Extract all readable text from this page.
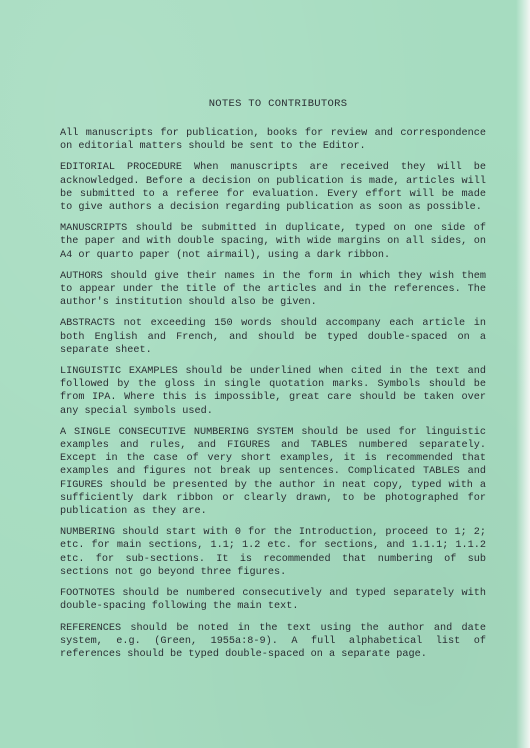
NOTES TO CONTRIBUTORS

All manuscripts for publication, books for review and correspondence on editorial matters should be sent to the Editor.

EDITORIAL PROCEDURE When manuscripts are received they will be acknowledged. Before a decision on publication is made, articles will be submitted to a referee for evaluation. Every effort will be made to give authors a decision regarding publication as soon as possible.

MANUSCRIPTS should be submitted in duplicate, typed on one side of the paper and with double spacing, with wide margins on all sides, on A4 or quarto paper (not airmail), using a dark ribbon.

AUTHORS should give their names in the form in which they wish them to appear under the title of the articles and in the references. The author's institution should also be given.

ABSTRACTS not exceeding 150 words should accompany each article in both English and French, and should be typed double-spaced on a separate sheet.

LINGUISTIC EXAMPLES should be underlined when cited in the text and followed by the gloss in single quotation marks. Symbols should be from IPA. Where this is impossible, great care should be taken over any special symbols used.

A SINGLE CONSECUTIVE NUMBERING SYSTEM should be used for linguistic examples and rules, and FIGURES and TABLES numbered separately. Except in the case of very short examples, it is recommended that examples and figures not break up sentences. Complicated TABLES and FIGURES should be presented by the author in neat copy, typed with a sufficiently dark ribbon or clearly drawn, to be photographed for publication as they are.

NUMBERING should start with 0 for the Introduction, proceed to 1; 2; etc. for main sections, 1.1; 1.2 etc. for sections, and 1.1.1; 1.1.2 etc. for sub-sections. It is recommended that numbering of sub sections not go beyond three figures.

FOOTNOTES should be numbered consecutively and typed separately with double-spacing following the main text.

REFERENCES should be noted in the text using the author and date system, e.g. (Green, 1955a:8-9). A full alphabetical list of references should be typed double-spaced on a separate page.
